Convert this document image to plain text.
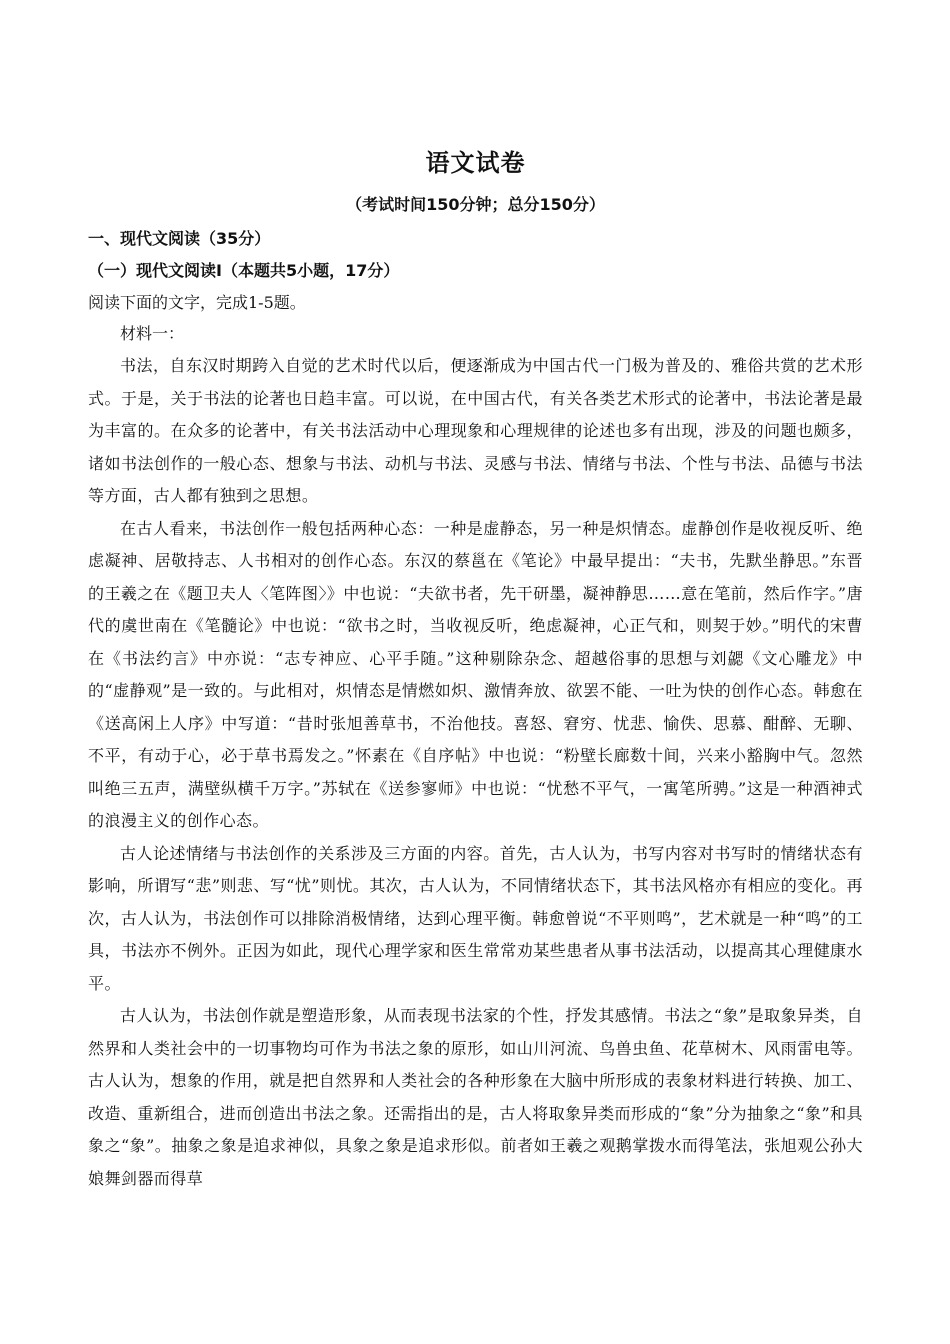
语文试卷
（考试时间150分钟；总分150分）
一、现代文阅读（35分）
（一）现代文阅读Ⅰ（本题共5小题，17分）
阅读下面的文字，完成1-5题。
材料一：

书法，自东汉时期跨入自觉的艺术时代以后，便逐渐成为中国古代一门极为普及的、雅俗共赏的艺术形式。于是，关于书法的论著也日趋丰富。可以说，在中国古代，有关各类艺术形式的论著中，书法论著是最为丰富的。在众多的论著中，有关书法活动中心理现象和心理规律的论述也多有出现，涉及的问题也颇多，诸如书法创作的一般心态、想象与书法、动机与书法、灵感与书法、情绪与书法、个性与书法、品德与书法等方面，古人都有独到之思想。

在古人看来，书法创作一般包括两种心态：一种是虚静态，另一种是炽情态。虚静创作是收视反听、绝虑凝神、居敬持志、人书相对的创作心态。东汉的蔡邕在《笔论》中最早提出：“夫书，先默坐静思。”东晋的王羲之在《题卫夫人〈笔阵图〉》中也说：“夫欲书者，先干研墨，凝神静思……意在笔前，然后作字。”唐代的虞世南在《笔髓论》中也说：“欲书之时，当收视反听，绝虑凝神，心正气和，则契于妙。”明代的宋曹在《书法约言》中亦说：“志专神应、心平手随。”这种剔除杂念、超越俗事的思想与刘勰《文心雕龙》中的“虚静观”是一致的。与此相对，炽情态是情燃如炽、激情奔放、欲罢不能、一吐为快的创作心态。韩愈在《送高闲上人序》中写道：“昔时张旭善草书，不治他技。喜怒、窘穷、忧悲、愉佚、思慕、酣醉、无聊、不平，有动于心，必于草书焉发之。”怀素在《自序帖》中也说：“粉壁长廊数十间，兴来小豁胸中气。忽然叫绝三五声，满壁纵横千万字。”苏轼在《送参寥师》中也说：“忧愁不平气，一寓笔所骋。”这是一种酒神式的浪漫主义的创作心态。

古人论述情绪与书法创作的关系涉及三方面的内容。首先，古人认为，书写内容对书写时的情绪状态有影响，所谓写“悲”则悲、写“忧”则忧。其次，古人认为，不同情绪状态下，其书法风格亦有相应的变化。再次，古人认为，书法创作可以排除消极情绪，达到心理平衡。韩愈曾说“不平则鸣”，艺术就是一种“鸣”的工具，书法亦不例外。正因为如此，现代心理学家和医生常常劝某些患者从事书法活动，以提高其心理健康水平。

古人认为，书法创作就是塑造形象，从而表现书法家的个性，抒发其感情。书法之“象”是取象异类，自然界和人类社会中的一切事物均可作为书法之象的原形，如山川河流、鸟兽虫鱼、花草树木、风雨雷电等。古人认为，想象的作用，就是把自然界和人类社会的各种形象在大脑中所形成的表象材料进行转换、加工、改造、重新组合，进而创造出书法之象。还需指出的是，古人将取象异类而形成的“象”分为抽象之“象”和具象之“象”。抽象之象是追求神似，具象之象是追求形似。前者如王羲之观鹅掌拨水而得笔法，张旭观公孙大娘舞剑器而得草
